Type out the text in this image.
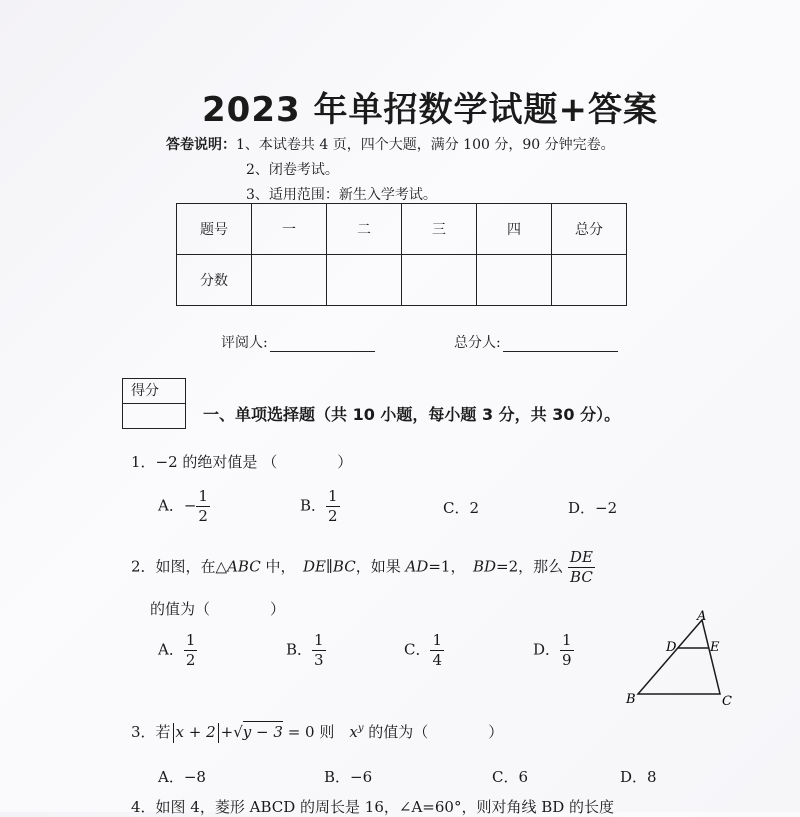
2023 年单招数学试题+答案
答卷说明：1、本试卷共 4 页，四个大题，满分 100 分，90 分钟完卷。
2、闭卷考试。
3、适用范围：新生入学考试。
题号	一	二	三	四	总分
分数					
评阅人:	总分人:
得分
一、单项选择题（共 10 小题，每小题 3 分，共 30 分）。
1．−2 的绝对值是 （　　　　）
A．− $\frac{1}{2}$	B． $\frac{1}{2}$	C．2	D．−2
2．如图，在△ABC 中，　DE∥BC，如果 AD=1，　BD=2，那么 $\frac{DE}{BC}$
的值为（　　　　）
A． $\frac{1}{2}$	B． $\frac{1}{3}$	C． $\frac{1}{4}$	D． $\frac{1}{9}$
A
D	E
B	C
3．若 x + 2 +√y − 3 = 0 则　$x^y$ 的值为（　　　　）
A．−8	B．−6	C．6	D．8
4．如图 4，菱形 ABCD 的周长是 16，∠A=60°，则对角线 BD 的长度
